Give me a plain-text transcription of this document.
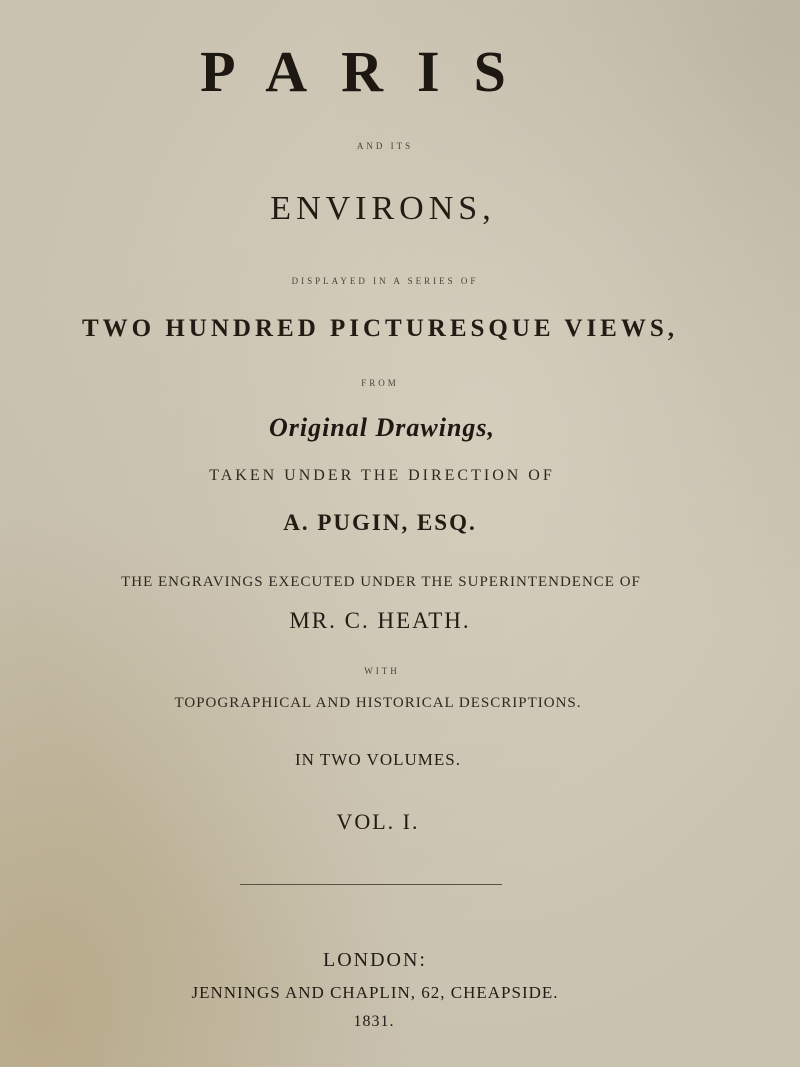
PARIS
AND ITS
ENVIRONS,
DISPLAYED IN A SERIES OF
TWO HUNDRED PICTURESQUE VIEWS,
FROM
Original Drawings,
TAKEN UNDER THE DIRECTION OF
A. PUGIN, ESQ.
THE ENGRAVINGS EXECUTED UNDER THE SUPERINTENDENCE OF
MR. C. HEATH.
WITH
TOPOGRAPHICAL AND HISTORICAL DESCRIPTIONS.
IN TWO VOLUMES.
VOL. I.
LONDON:
JENNINGS AND CHAPLIN, 62, CHEAPSIDE.
1831.
